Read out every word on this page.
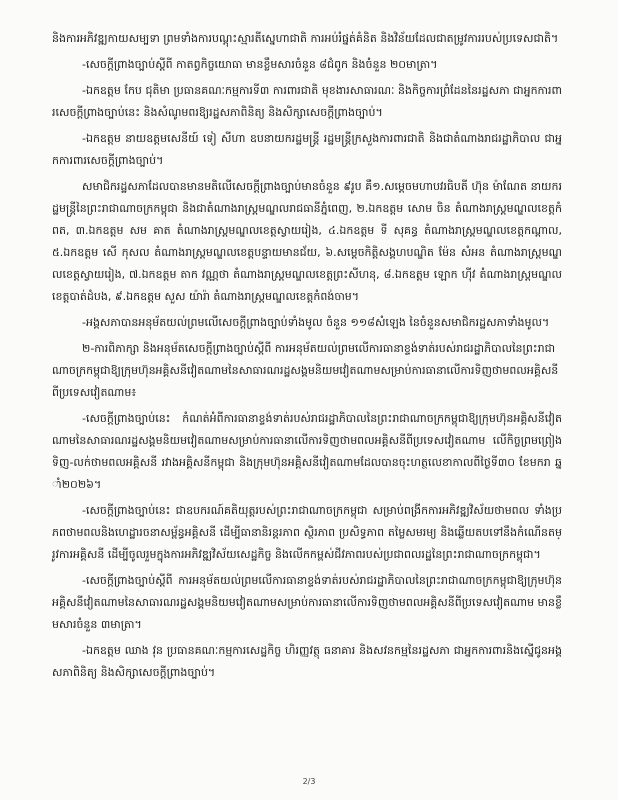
និងការអភិវឌ្ឍកាយសម្បទា ព្រមទាំងការបណ្ដុះស្មារតីស្នេហាជាតិ ការអប់រំផ្នត់គំនិត និងវិន័យដែលជាតម្រូវការរបស់ប្រទេសជាតិ។

-សេចក្ដីព្រាងច្បាប់ស្ដីពី កាតព្វកិច្ចយោធា មានខ្លឹមសារចំនួន ៨ជំពូក និងចំនួន ២០មាត្រា។

-ឯកឧត្ដម កែប ជុតិមា ប្រធានគណៈកម្មការទី៣ ការពារជាតិ មុខងារសាធារណៈ និងកិច្ចការព្រំដែននៃរដ្ឋសភា ជាអ្នកការពារសេចក្ដីព្រាងច្បាប់នេះ និងសំណូមពរឱ្យរដ្ឋសភាពិនិត្យ និងសិក្សាសេចក្ដីព្រាងច្បាប់។

-ឯកឧត្ដម នាយឧត្ដមសេនីយ៍ ទៀ សីហា ឧបនាយករដ្ឋមន្ត្រី រដ្ឋមន្ត្រីក្រសួងការពារជាតិ និងជាតំណាងរាជរដ្ឋាភិបាល ជាអ្នកការពារសេចក្ដីព្រាងច្បាប់។

សមាជិករដ្ឋសភាដែលបានមានមតិលើសេចក្ដីព្រាងច្បាប់មានចំនួន ៩រូប គឺ១.សម្ដេចមហាបវរធិបតី ហ៊ុន ម៉ាណែត នាយករដ្ឋមន្ត្រីនៃព្រះរាជាណាចក្រកម្ពុជា និងជាតំណាងរាស្ត្រមណ្ឌលរាជធានីភ្នំពេញ, ២.ឯកឧត្ដម សោម ចិន តំណាងរាស្ត្រមណ្ឌលខេត្តកំពត, ៣.ឯកឧត្ដម សម គាត តំណាងរាស្ត្រមណ្ឌលខេត្តស្វាយរៀង, ៤.ឯកឧត្ដម ទី សុគន្ធ តំណាងរាស្ត្រមណ្ឌលខេត្តកណ្ដាល, ៥.ឯកឧត្ដម សើ កុសល តំណាងរាស្ត្រមណ្ឌលខេត្តបន្ទាយមានជ័យ, ៦.សម្ដេចកិត្តិសង្គហបណ្ឌិត ម៉ែន សំអន តំណាងរាស្ត្រមណ្ឌលខេត្តស្វាយរៀង, ៧.ឯកឧត្ដម តាក វណ្ណថា តំណាងរាស្ត្រមណ្ឌលខេត្តព្រះសីហនុ, ៨.ឯកឧត្ដម ឡោក ហ៊ីវ តំណាងរាស្ត្រមណ្ឌលខេត្តបាត់ដំបង, ៩.ឯកឧត្ដម សួស យ៉ារ៉ា តំណាងរាស្ត្រមណ្ឌលខេត្តកំពង់ចាម។

-អង្គសភាបានអនុម័តយល់ព្រមលើសេចក្ដីព្រាងច្បាប់ទាំងមូល ចំនួន ១១៨សំឡេង នៃចំនួនសមាជិករដ្ឋសភាទាំងមូល។

២-ការពិភាក្សា និងអនុម័តសេចក្ដីព្រាងច្បាប់ស្ដីពី ការអនុម័តយល់ព្រមលើការធានាខ្ទង់ទាត់របស់រាជរដ្ឋាភិបាលនៃព្រះរាជាណាចក្រកម្ពុជាឱ្យក្រុមហ៊ុនអគ្គិសនីវៀតណាមនៃសាធារណរដ្ឋសង្គមនិយមវៀតណាមសម្រាប់ការធានាលើការទិញថាមពលអគ្គិសនីពីប្រទេសវៀតណាម៖

-សេចក្ដីព្រាងច្បាប់នេះ កំណត់អំពីការធានាខ្ទង់ទាត់របស់រាជរដ្ឋាភិបាលនៃព្រះរាជាណាចក្រកម្ពុជាឱ្យក្រុមហ៊ុនអគ្គិសនីវៀតណាមនៃសាធារណរដ្ឋសង្គមនិយមវៀតណាមសម្រាប់ការធានាលើការទិញថាមពលអគ្គិសនីពីប្រទេសវៀតណាម លើកិច្ចព្រមព្រៀងទិញ-លក់ថាមពលអគ្គិសនី រវាងអគ្គិសនីកម្ពុជា និងក្រុមហ៊ុនអគ្គិសនីវៀតណាមដែលបានចុះហត្ថលេខាកាលពីថ្ងៃទី៣០ ខែមករា ឆ្នាំ២០២៦។

-សេចក្ដីព្រាងច្បាប់នេះ ជាឧបករណ៍គតិយុត្តរបស់ព្រះរាជាណាចក្រកម្ពុជា សម្រាប់ពង្រីកការអភិវឌ្ឍវិស័យថាមពល ទាំងប្រភពថាមពលនិងហេដ្ឋារចនាសម្ព័ន្ធអគ្គិសនី ដើម្បីធានានិរន្តរភាព ស្ថិរភាព ប្រសិទ្ធភាព តម្លៃសមរម្យ និងឆ្លើយតបទៅនឹងកំណើនតម្រូវការអគ្គិសនី ដើម្បីចូលរួមក្នុងការអភិវឌ្ឍវិស័យសេដ្ឋកិច្ច និងលើកកម្ពស់ជីវភាពរបស់ប្រជាពលរដ្ឋនៃព្រះរាជាណាចក្រកម្ពុជា។

-សេចក្ដីព្រាងច្បាប់ស្ដីពី ការអនុម័តយល់ព្រមលើការធានាខ្ទង់ទាត់របស់រាជរដ្ឋាភិបាលនៃព្រះរាជាណាចក្រកម្ពុជាឱ្យក្រុមហ៊ុនអគ្គិសនីវៀតណាមនៃសាធារណរដ្ឋសង្គមនិយមវៀតណាមសម្រាប់ការធានាលើការទិញថាមពលអគ្គិសនីពីប្រទេសវៀតណាម មានខ្លឹមសារចំនួន ៣មាត្រា។

-ឯកឧត្ដម ឈាង វុន ប្រធានគណៈកម្មការសេដ្ឋកិច្ច ហិរញ្ញវត្ថុ ធនាគារ និងសវនកម្មនៃរដ្ឋសភា ជាអ្នកការពារនិងស្នើជូនអង្គសភាពិនិត្យ និងសិក្សាសេចក្ដីព្រាងច្បាប់។

2/3
